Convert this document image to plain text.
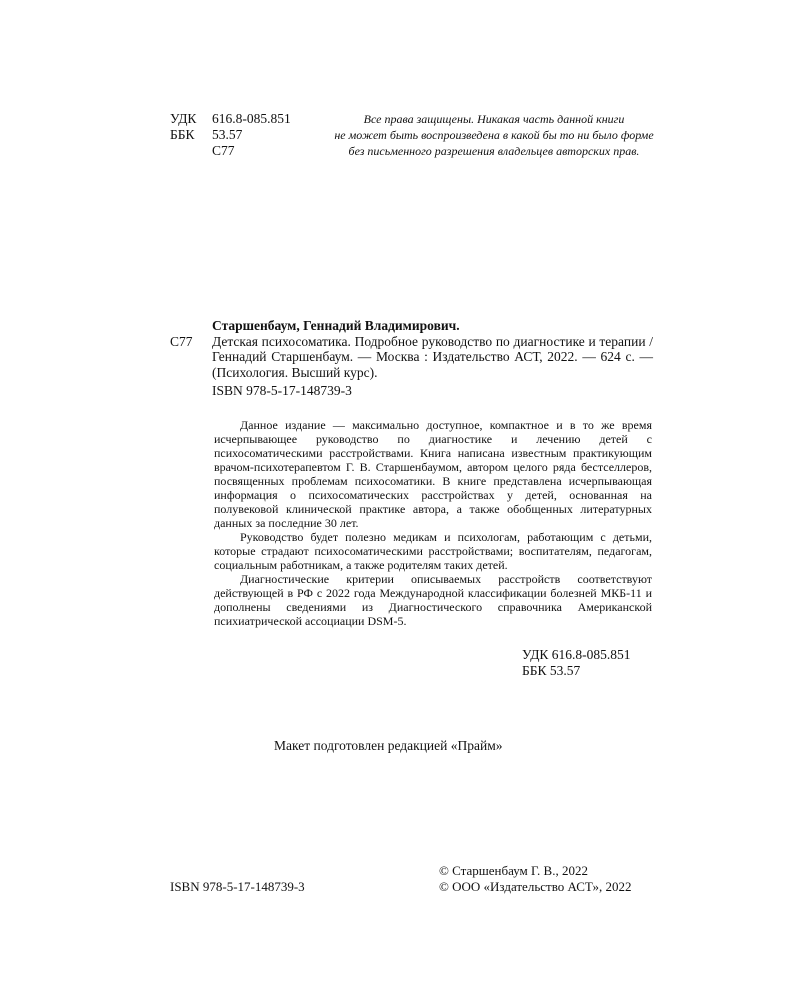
УДК	616.8-085.851
ББК	53.57
С77
Все права защищены. Никакая часть данной книги
не может быть воспроизведена в какой бы то ни было форме
без письменного разрешения владельцев авторских прав.
С77
Старшенбаум, Геннадий Владимирович.
Детская психосоматика. Подробное руководство по диагностике и терапии / Геннадий Старшенбаум. — Москва : Издательство АСТ, 2022. — 624 с. — (Психология. Высший курс).
ISBN 978-5-17-148739-3

Данное издание — максимально доступное, компактное и в то же время исчерпывающее руководство по диагностике и лечению детей с психосоматическими расстройствами. Книга написана известным практикующим врачом-психотерапевтом Г. В. Старшенбаумом, автором целого ряда бестселлеров, посвященных проблемам психосоматики. В книге представлена исчерпывающая информация о психосоматических расстройствах у детей, основанная на полувековой клинической практике автора, а также обобщенных литературных данных за последние 30 лет.

Руководство будет полезно медикам и психологам, работающим с детьми, которые страдают психосоматическими расстройствами; воспитателям, педагогам, социальным работникам, а также родителям таких детей.

Диагностические критерии описываемых расстройств соответствуют действующей в РФ с 2022 года Международной классификации болезней МКБ-11 и дополнены сведениями из Диагностического справочника Американской психиатрической ассоциации DSM-5.

УДК 616.8-085.851
ББК 53.57
Макет подготовлен редакцией «Прайм»
ISBN 978-5-17-148739-3
© Старшенбаум Г. В., 2022
© ООО «Издательство АСТ», 2022
